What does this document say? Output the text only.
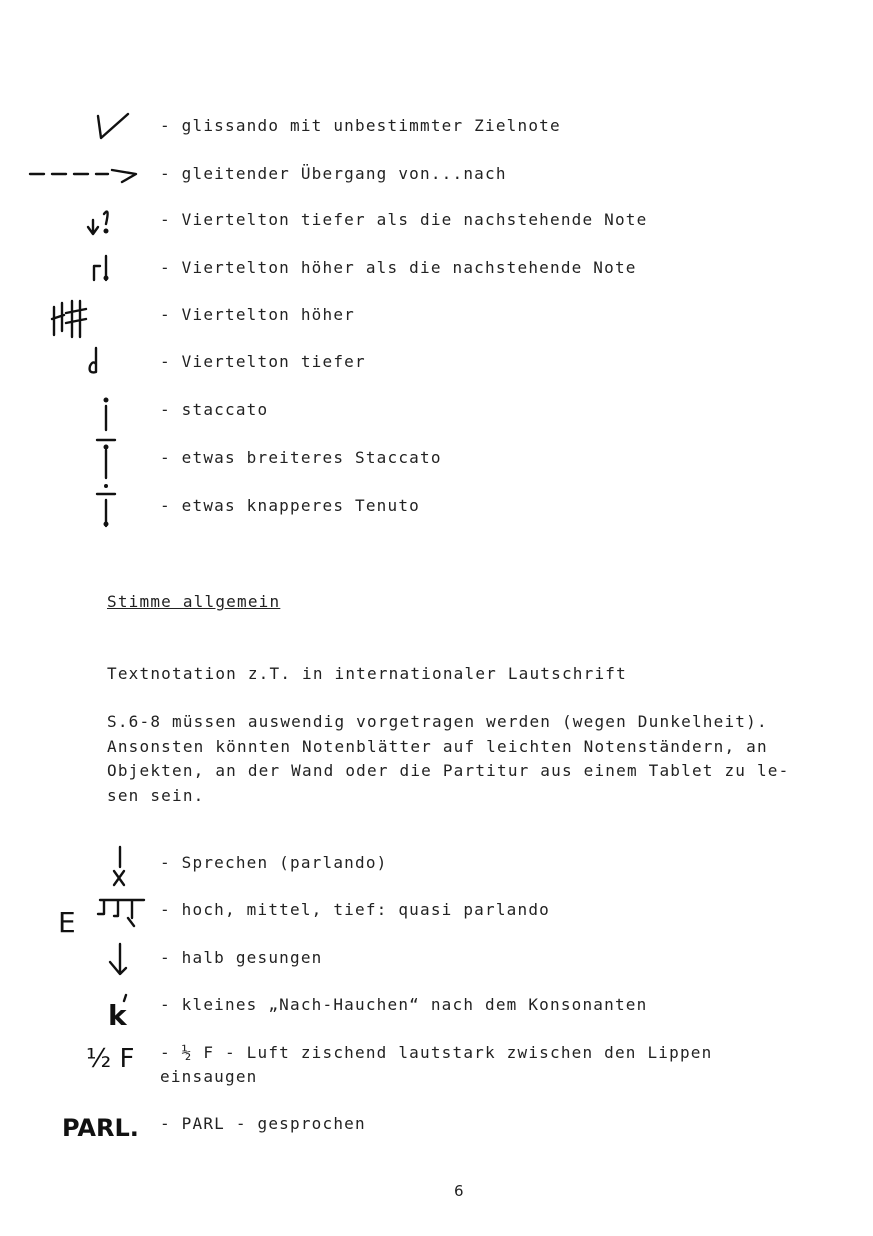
- glissando mit unbestimmter Zielnote
- gleitender Übergang von...nach
- Viertelton tiefer als die nachstehende Note
- Viertelton höher als die nachstehende Note
- Viertelton höher
- Viertelton tiefer
- staccato
- etwas breiteres Staccato
- etwas knapperes Tenuto
Stimme allgemein
Textnotation z.T. in internationaler Lautschrift
S.6-8 müssen auswendig vorgetragen werden (wegen Dunkelheit).
Ansonsten könnten Notenblätter auf leichten Notenständern, an
Objekten, an der Wand oder die Partitur aus einem Tablet zu le-
sen sein.
- Sprechen (parlando)
E	- hoch, mittel, tief: quasi parlando
- halb gesungen
k - kleines „Nach-Hauchen“ nach dem Konsonanten
½ F - ½ F - Luft zischend lautstark zwischen den Lippen
einsaugen
PARL. - PARL - gesprochen
6
